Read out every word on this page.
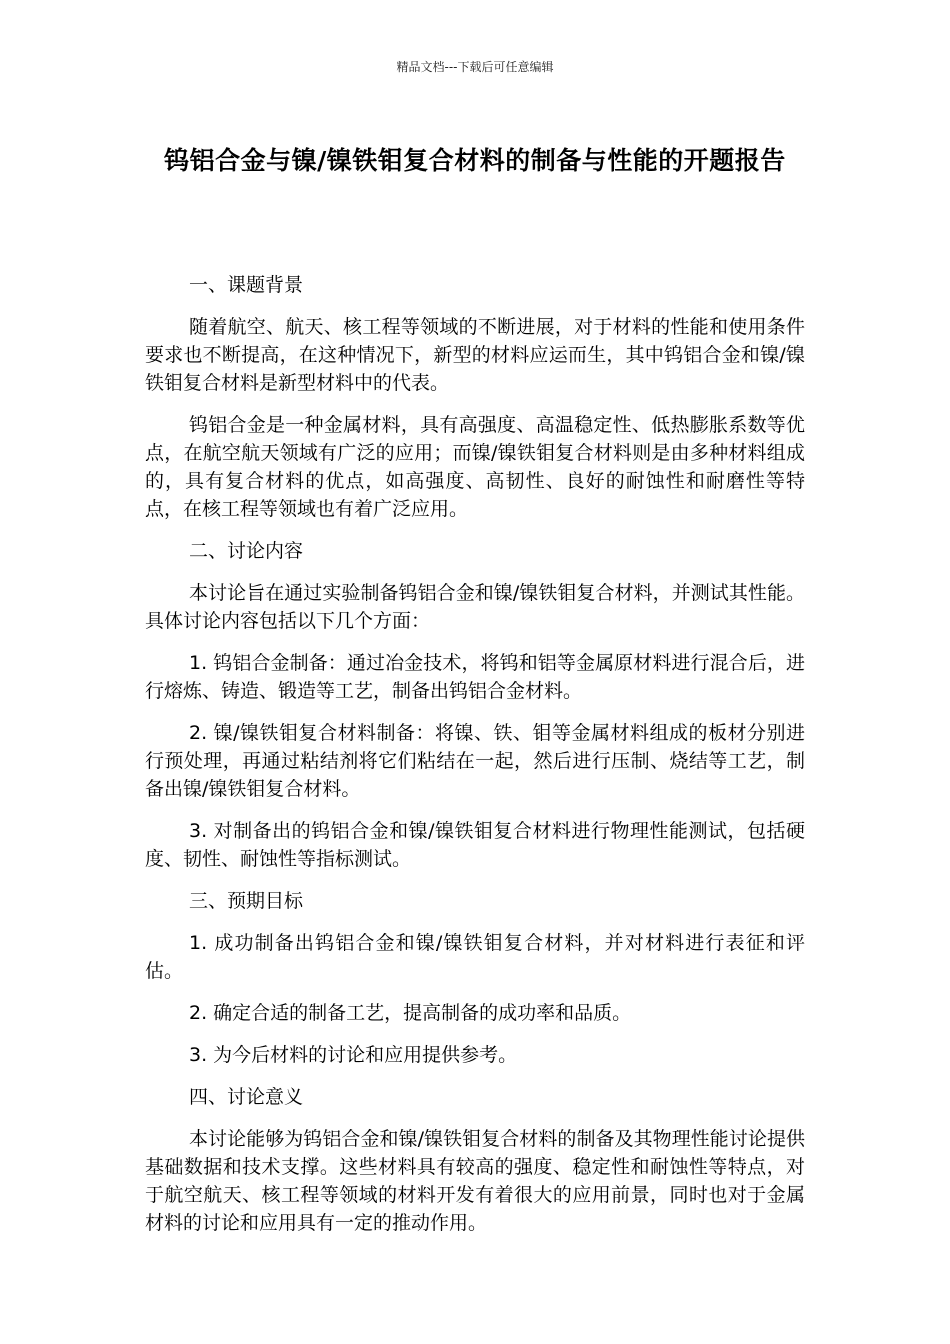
精品文档---下载后可任意编辑
钨铝合金与镍/镍铁钼复合材料的制备与性能的开题报告

一、课题背景

随着航空、航天、核工程等领域的不断进展，对于材料的性能和使用条件要求也不断提高，在这种情况下，新型的材料应运而生，其中钨铝合金和镍/镍铁钼复合材料是新型材料中的代表。

钨铝合金是一种金属材料，具有高强度、高温稳定性、低热膨胀系数等优点，在航空航天领域有广泛的应用；而镍/镍铁钼复合材料则是由多种材料组成的，具有复合材料的优点，如高强度、高韧性、良好的耐蚀性和耐磨性等特点，在核工程等领域也有着广泛应用。

二、讨论内容

本讨论旨在通过实验制备钨铝合金和镍/镍铁钼复合材料，并测试其性能。具体讨论内容包括以下几个方面：

1. 钨铝合金制备：通过冶金技术，将钨和铝等金属原材料进行混合后，进行熔炼、铸造、锻造等工艺，制备出钨铝合金材料。

2. 镍/镍铁钼复合材料制备：将镍、铁、钼等金属材料组成的板材分别进行预处理，再通过粘结剂将它们粘结在一起，然后进行压制、烧结等工艺，制备出镍/镍铁钼复合材料。

3. 对制备出的钨铝合金和镍/镍铁钼复合材料进行物理性能测试，包括硬度、韧性、耐蚀性等指标测试。

三、预期目标

1. 成功制备出钨铝合金和镍/镍铁钼复合材料，并对材料进行表征和评估。

2. 确定合适的制备工艺，提高制备的成功率和品质。

3. 为今后材料的讨论和应用提供参考。

四、讨论意义

本讨论能够为钨铝合金和镍/镍铁钼复合材料的制备及其物理性能讨论提供基础数据和技术支撑。这些材料具有较高的强度、稳定性和耐蚀性等特点，对于航空航天、核工程等领域的材料开发有着很大的应用前景，同时也对于金属材料的讨论和应用具有一定的推动作用。
